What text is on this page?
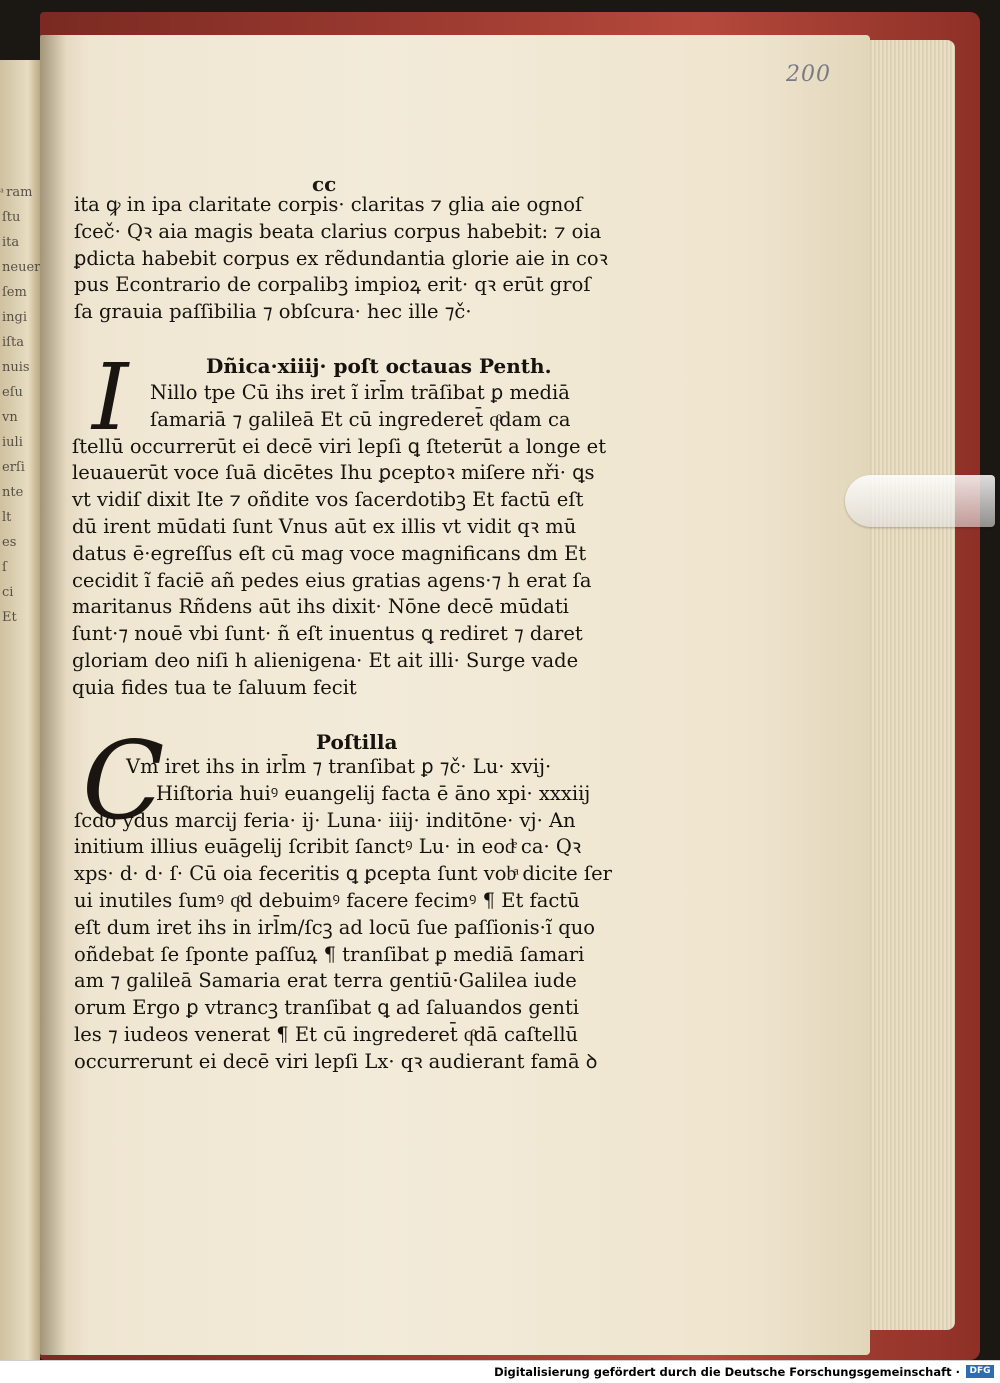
ͣ ram
ſtu
ita
neuer
ſem
ingi
iſta
nuis
eſu
vn
iuli
erſi
nte
lt
es
ſ
ci
Et
200
cc
ita ꝙ in ipa claritate corpis· claritas ⁊ glia aie ognoſ
ſceč· Qꝛ aia magis beata clarius corpus habebit: ⁊ oia
ꝑdicta habebit corpus ex rẽdundantia glorie aie in coꝛ
pus Econtrario de corpalibꝫ impioꝝ erit· qꝛ erūt groſ
ſa grauia paſſibilia ⁊ obſcura· hec ille ⁊č·
I	Dñica·xiiij· poſt octauas Penth.
Nillo tpe Cū ihs iret ĩ irl̄m trāſibat ꝑ mediā
ſamariā ⁊ galileā Et cū ingrederet̄ qͦdam ca
ſtellū occurrerūt ei decē viri lepſi ꝗ ſteterūt a longe et
leuauerūt voce ſuā dicētes Ihu ꝑceptoꝛ miſere nři· ꝗs
vt vidiſ dixit Ite ⁊ oñdite vos ſacerdotibꝫ Et factū eſt
dū irent mūdati ſunt Vnus aūt ex illis vt vidit qꝛ mū
datus ē·egreſſus eſt cū mag voce magnificans dm Et
cecidit ĩ faciē añ pedes eius gratias agens·⁊ h erat ſa
maritanus Rñdens aūt ihs dixit· Nōne decē mūdati
ſunt·⁊ nouē vbi ſunt· ñ eſt inuentus ꝗ rediret ⁊ daret
gloriam deo niſi h alienigena· Et ait illi· Surge vade
quia fides tua te ſaluum fecit
Poſtilla
C
Vm iret ihs in irl̄m ⁊ tranſibat ꝑ ⁊č· Lu· xvij·
Hiſtoria huiꝰ euangelij facta ē āno xpi· xxxiij
ſcdo ydus marcij feria· ij· Luna· iiij· inditōne· vj· An
initium illius euāgelij ſcribit ſanctꝰ Lu· in eodͤ ca· Qꝛ
xps· d· d· ſ· Cū oia feceritis ꝗ ꝑcepta ſunt vobͣ dicite ſer
ui inutiles ſumꝰ qͦd debuimꝰ facere fecimꝰ ¶ Et factū
eſt dum iret ihs in irl̄m/ſcꝫ ad locū ſue paſſionis·ĩ quo
oñdebat ſe ſponte paſſuꝝ ¶ tranſibat ꝑ mediā ſamari
am ⁊ galileā Samaria erat terra gentiū·Galilea iude
orum Ergo ꝑ vtrancꝫ tranſibat ꝗ ad ſaluandos genti
les ⁊ iudeos venerat ¶ Et cū ingrederet̄ qͦdā caſtellū
occurrerunt ei decē viri lepſi Lx· qꝛ audierant famā ꝺ
Digitalisierung gefördert durch die Deutsche Forschungsgemeinschaft ·	DFG
